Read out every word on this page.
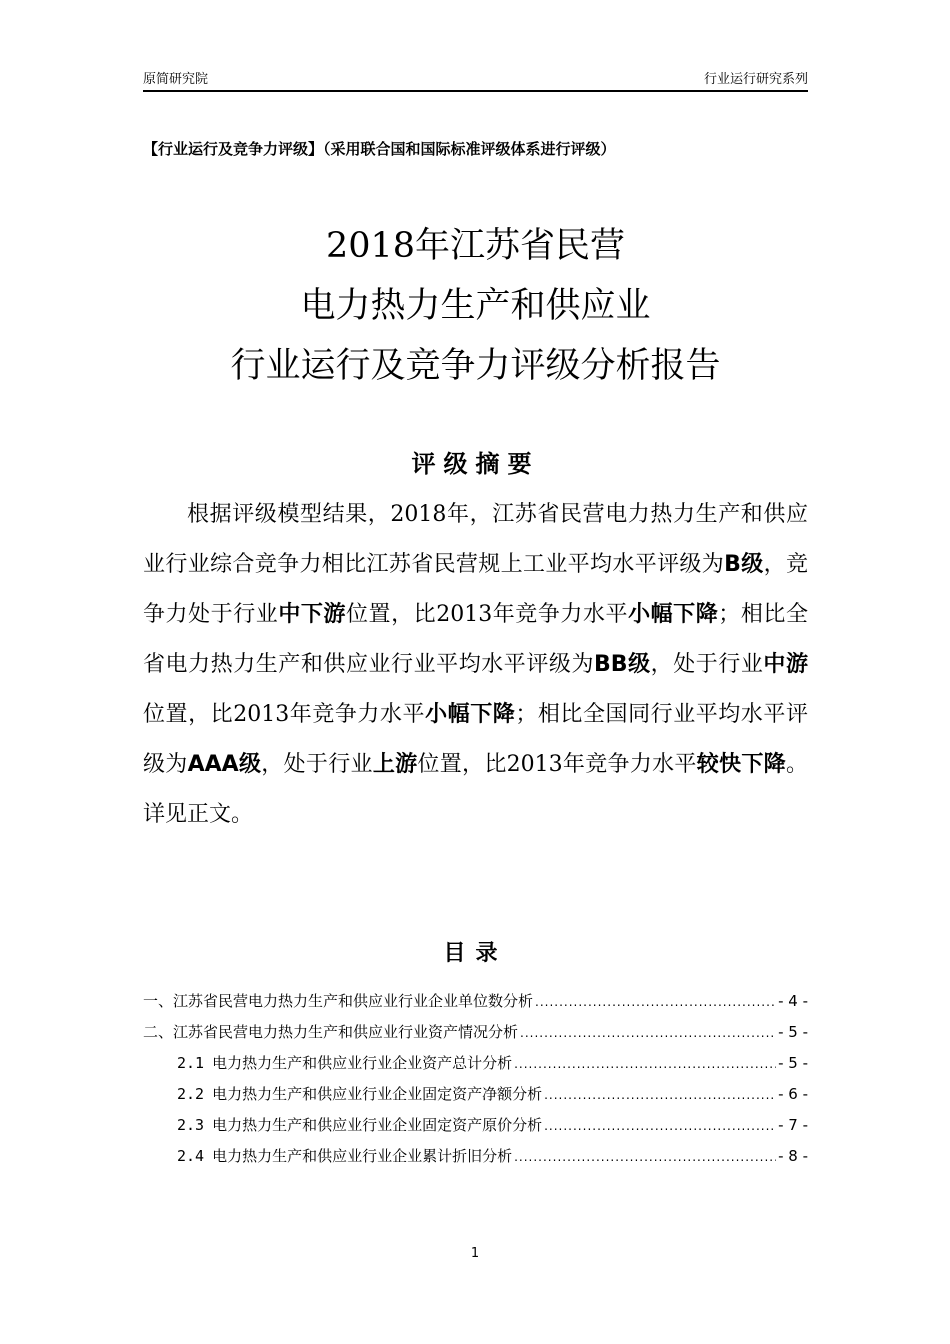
原简研究院	行业运行研究系列
【行业运行及竞争力评级】（采用联合国和国际标准评级体系进行评级）
2018年江苏省民营
电力热力生产和供应业
行业运行及竞争力评级分析报告
评级摘要

根据评级模型结果，2018年，江苏省民营电力热力生产和供应业行业综合竞争力相比江苏省民营规上工业平均水平评级为B级，竞争力处于行业中下游位置，比2013年竞争力水平小幅下降；相比全省电力热力生产和供应业行业平均水平评级为BB级，处于行业中游位置，比2013年竞争力水平小幅下降；相比全国同行业平均水平评级为AAA级，处于行业上游位置，比2013年竞争力水平较快下降。详见正文。

目录
一、 江苏省民营电力热力生产和供应业行业企业单位数分析 .....	- 4 -
二、 江苏省民营电力热力生产和供应业行业资产情况分析 .....	- 5 -
2.1 电力热力生产和供应业行业企业资产总计分析 .....	- 5 -
2.2 电力热力生产和供应业行业企业固定资产净额分析 .....	- 6 -
2.3 电力热力生产和供应业行业企业固定资产原价分析 .....	- 7 -
2.4 电力热力生产和供应业行业企业累计折旧分析 .....	- 8 -
1
